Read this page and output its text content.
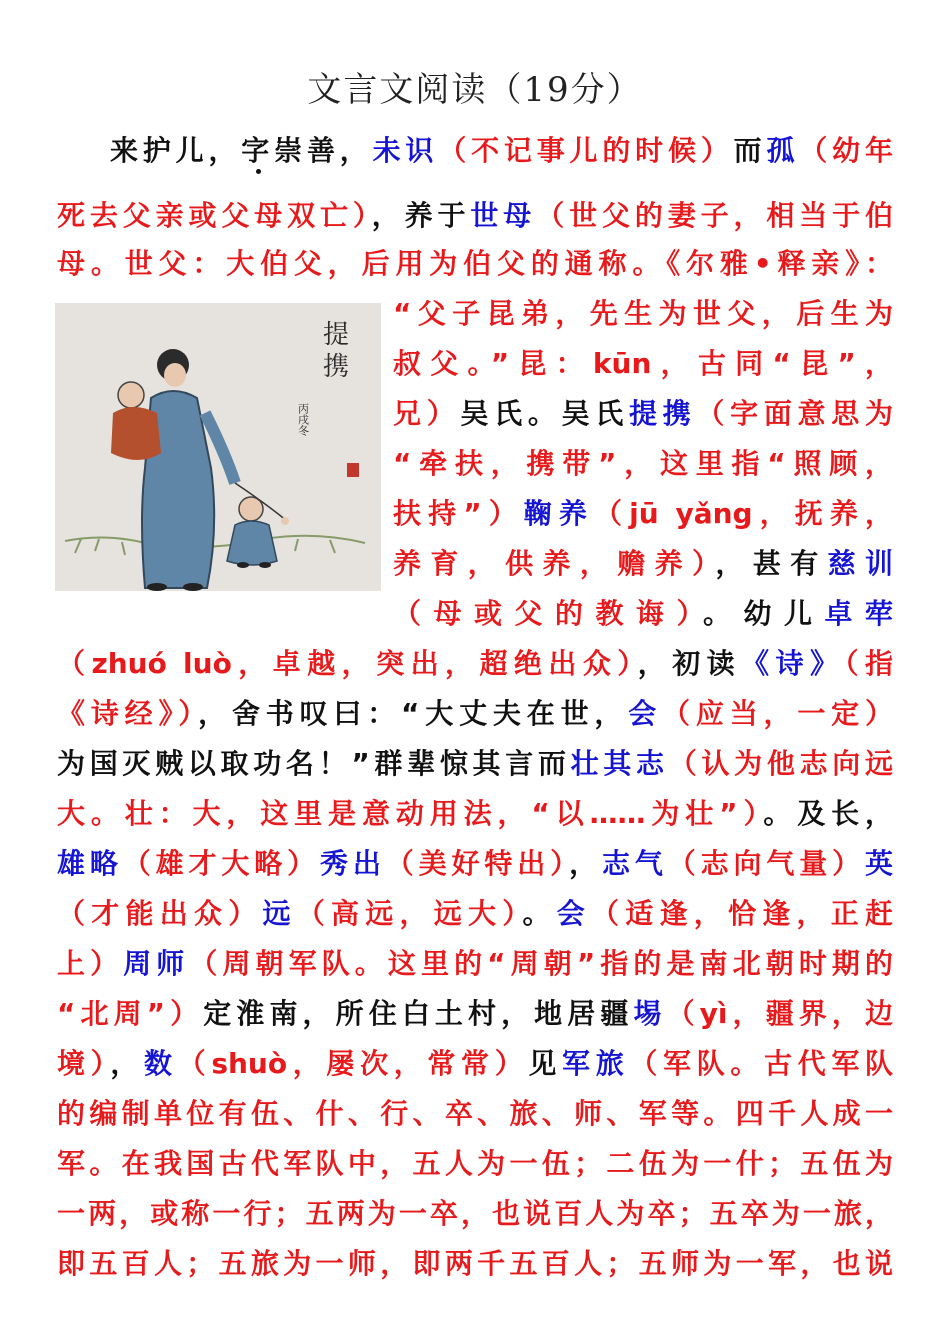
文言文阅读（19分）
来护儿，字崇善，未识（不记事儿的时候）而孤（幼年
死去父亲或父母双亡），养于世母（世父的妻子，相当于伯
母。世父：大伯父，后用为伯父的通称。《尔雅•释亲》：
“父子昆弟，先生为世父，后生为
叔父。”昆：kūn，古同“昆”，
兄）吴氏。吴氏提携（字面意思为
“牵扶，携带”，这里指“照顾，
扶持”）鞠养（jū yǎng，抚养，
养育，供养，赡养），甚有慈训
（母或父的教诲）。幼儿卓荦
（zhuó luò，卓越，突出，超绝出众），初读《诗》（指
《诗经》），舍书叹曰：“大丈夫在世，会（应当，一定）
为国灭贼以取功名！”群辈惊其言而壮其志（认为他志向远
大。壮：大，这里是意动用法，“以……为壮”）。及长，
雄略（雄才大略）秀出（美好特出），志气（志向气量）英
（才能出众）远（高远，远大）。会（适逢，恰逢，正赶
上）周师（周朝军队。这里的“周朝”指的是南北朝时期的
“北周”）定淮南，所住白土村，地居疆埸（yì，疆界，边
境），数（shuò，屡次，常常）见军旅（军队。古代军队
的编制单位有伍、什、行、卒、旅、师、军等。四千人成一
军。在我国古代军队中，五人为一伍；二伍为一什；五伍为
一两，或称一行；五两为一卒，也说百人为卒；五卒为一旅，
即五百人；五旅为一师，即两千五百人；五师为一军，也说
提
携
丙戌冬
